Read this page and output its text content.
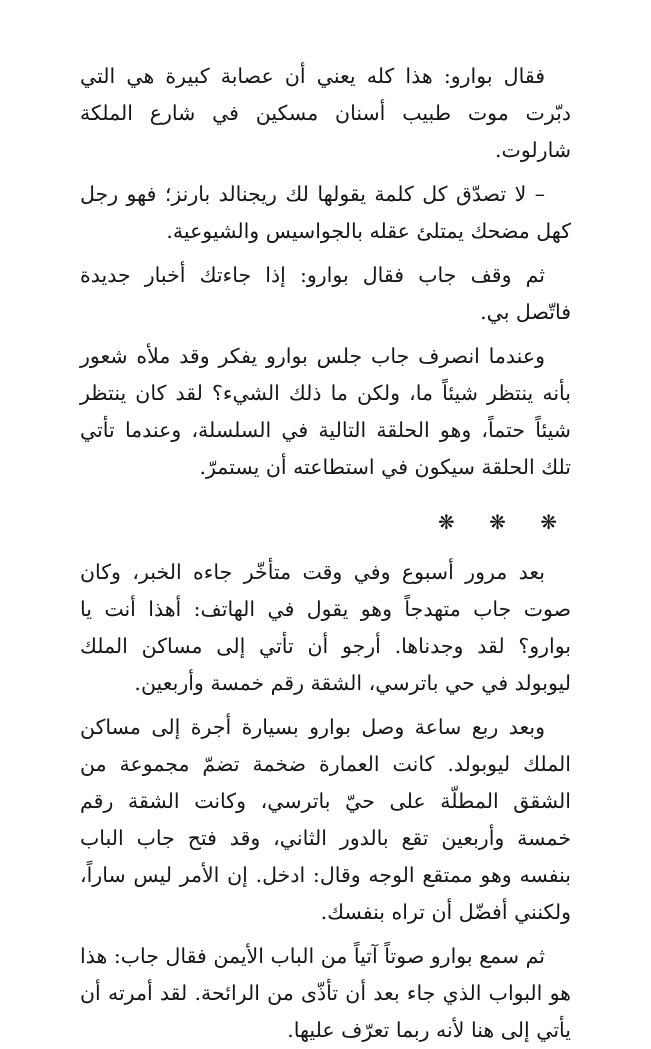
فقال بوارو: هذا كله يعني أن عصابة كبيرة هي التي دبّرت موت طبيب أسنان مسكين في شارع الملكة شارلوت.

– لا تصدّق كل كلمة يقولها لك ريجنالد بارنز؛ فهو رجل كهل مضحك يمتلئ عقله بالجواسيس والشيوعية.

ثم وقف جاب فقال بوارو: إذا جاءتك أخبار جديدة فاتّصل بي.

وعندما انصرف جاب جلس بوارو يفكر وقد ملأه شعور بأنه ينتظر شيئاً ما، ولكن ما ذلك الشيء؟ لقد كان ينتظر شيئاً حتماً، وهو الحلقة التالية في السلسلة، وعندما تأتي تلك الحلقة سيكون في استطاعته أن يستمرّ.

❋ ❋ ❋

بعد مرور أسبوع وفي وقت متأخّر جاءه الخبر، وكان صوت جاب متهدجاً وهو يقول في الهاتف: أهذا أنت يا بوارو؟ لقد وجدناها. أرجو أن تأتي إلى مساكن الملك ليوبولد في حي باترسي، الشقة رقم خمسة وأربعين.

وبعد ربع ساعة وصل بوارو بسيارة أجرة إلى مساكن الملك ليوبولد. كانت العمارة ضخمة تضمّ مجموعة من الشقق المطلّة على حيّ باترسي، وكانت الشقة رقم خمسة وأربعين تقع بالدور الثاني، وقد فتح جاب الباب بنفسه وهو ممتقع الوجه وقال: ادخل. إن الأمر ليس ساراً، ولكنني أفضّل أن تراه بنفسك.

ثم سمع بوارو صوتاً آتياً من الباب الأيمن فقال جاب: هذا هو البواب الذي جاء بعد أن تأذّى من الرائحة. لقد أمرته أن يأتي إلى هنا لأنه ربما تعرّف عليها.
